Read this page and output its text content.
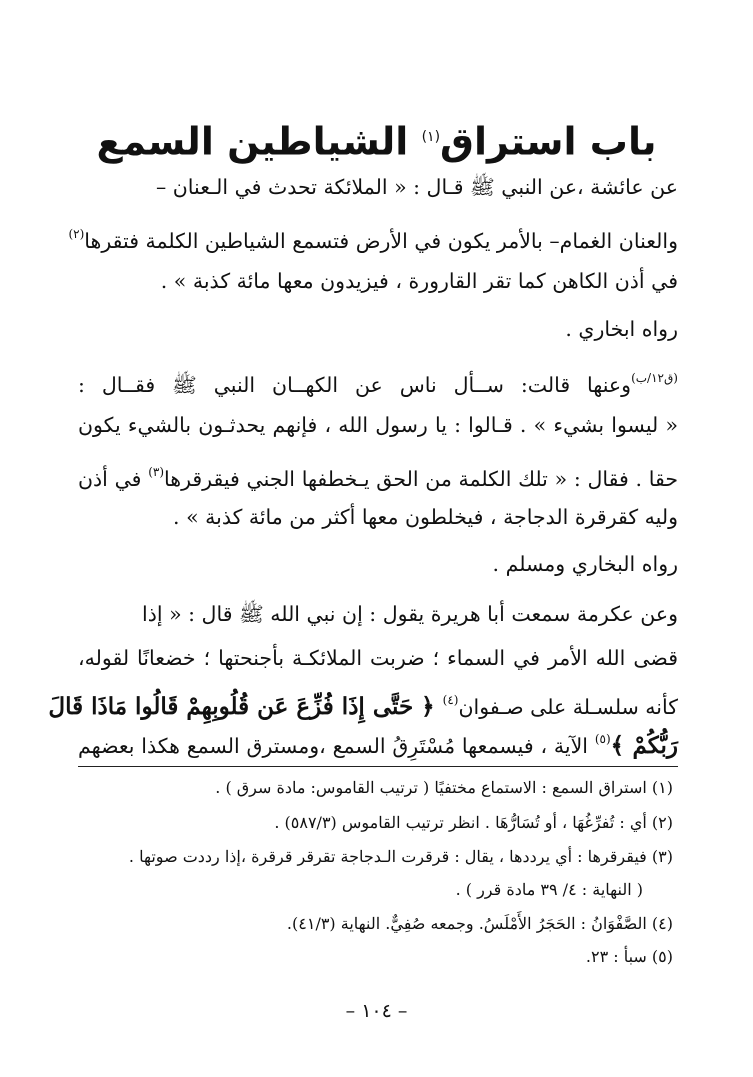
باب استراق$^{(١)}$ الشياطين السمع
عن عائشة ،عن النبي ﷺ قـال : « الملائكة تحدث في الـعنان –
والعنان الغمام– بالأمر يكون في الأرض فتسمع الشياطين الكلمة فتقرها$^{(٢)}$
في أذن الكاهن كما تقر القارورة ، فيزيدون معها مائة كذبة » .
رواه ابخاري .
$^{(ق١٢/ب)}$وعنها قالت: ســأل ناس عن الكهــان النبي ﷺ فقــال :
« ليسوا بشيء » . قـالوا : يا رسول الله ، فإنهم يحدثـون بالشيء يكون
حقا . فقال : « تلك الكلمة من الحق يـخطفها الجني فيقرقرها$^{(٣)}$ في أذن
وليه كقرقرة الدجاجة ، فيخلطون معها أكثر من مائة كذبة » .
رواه البخاري ومسلم .
وعن عكرمة سمعت أبا هريرة يقول : إن نبي الله ﷺ قال : « إذا
قضى الله الأمر في السماء ؛ ضربت الملائكـة بأجنحتها ؛ خضعانًا لقوله،
كأنه سلسـلة على صـفوان$^{(٤)}$ ﴿ حَتَّى إِذَا فُزِّعَ عَن قُلُوبِهِمْ قَالُوا مَاذَا قَالَ
رَبُّكُمْ ﴾$^{(٥)}$ الآية ، فيسمعها مُسْتَرِقُ السمع ،ومسترق السمع هكذا بعضهم
(١) استراق السمع : الاستماع مختفيًا ( ترتيب القاموس: مادة سرق ) .
(٢) أي : تُفرِّغُهَا ، أو تُسَارُّهَا . انظر ترتيب القاموس (٥٨٧/٣) .
(٣) فيقرقرها : أي يرددها ، يقال : قرقرت الـدجاجة تقرقر قرقرة ،إذا رددت صوتها .
( النهاية : ٤/ ٣٩ مادة قرر ) .
(٤) الصَّفْوَانُ : الحَجَرُ الأَمْلَسُ. وجمعه صُفِيٌّ. النهاية (٤١/٣).
(٥) سبأ : ٢٣.
– ١٠٤ –
